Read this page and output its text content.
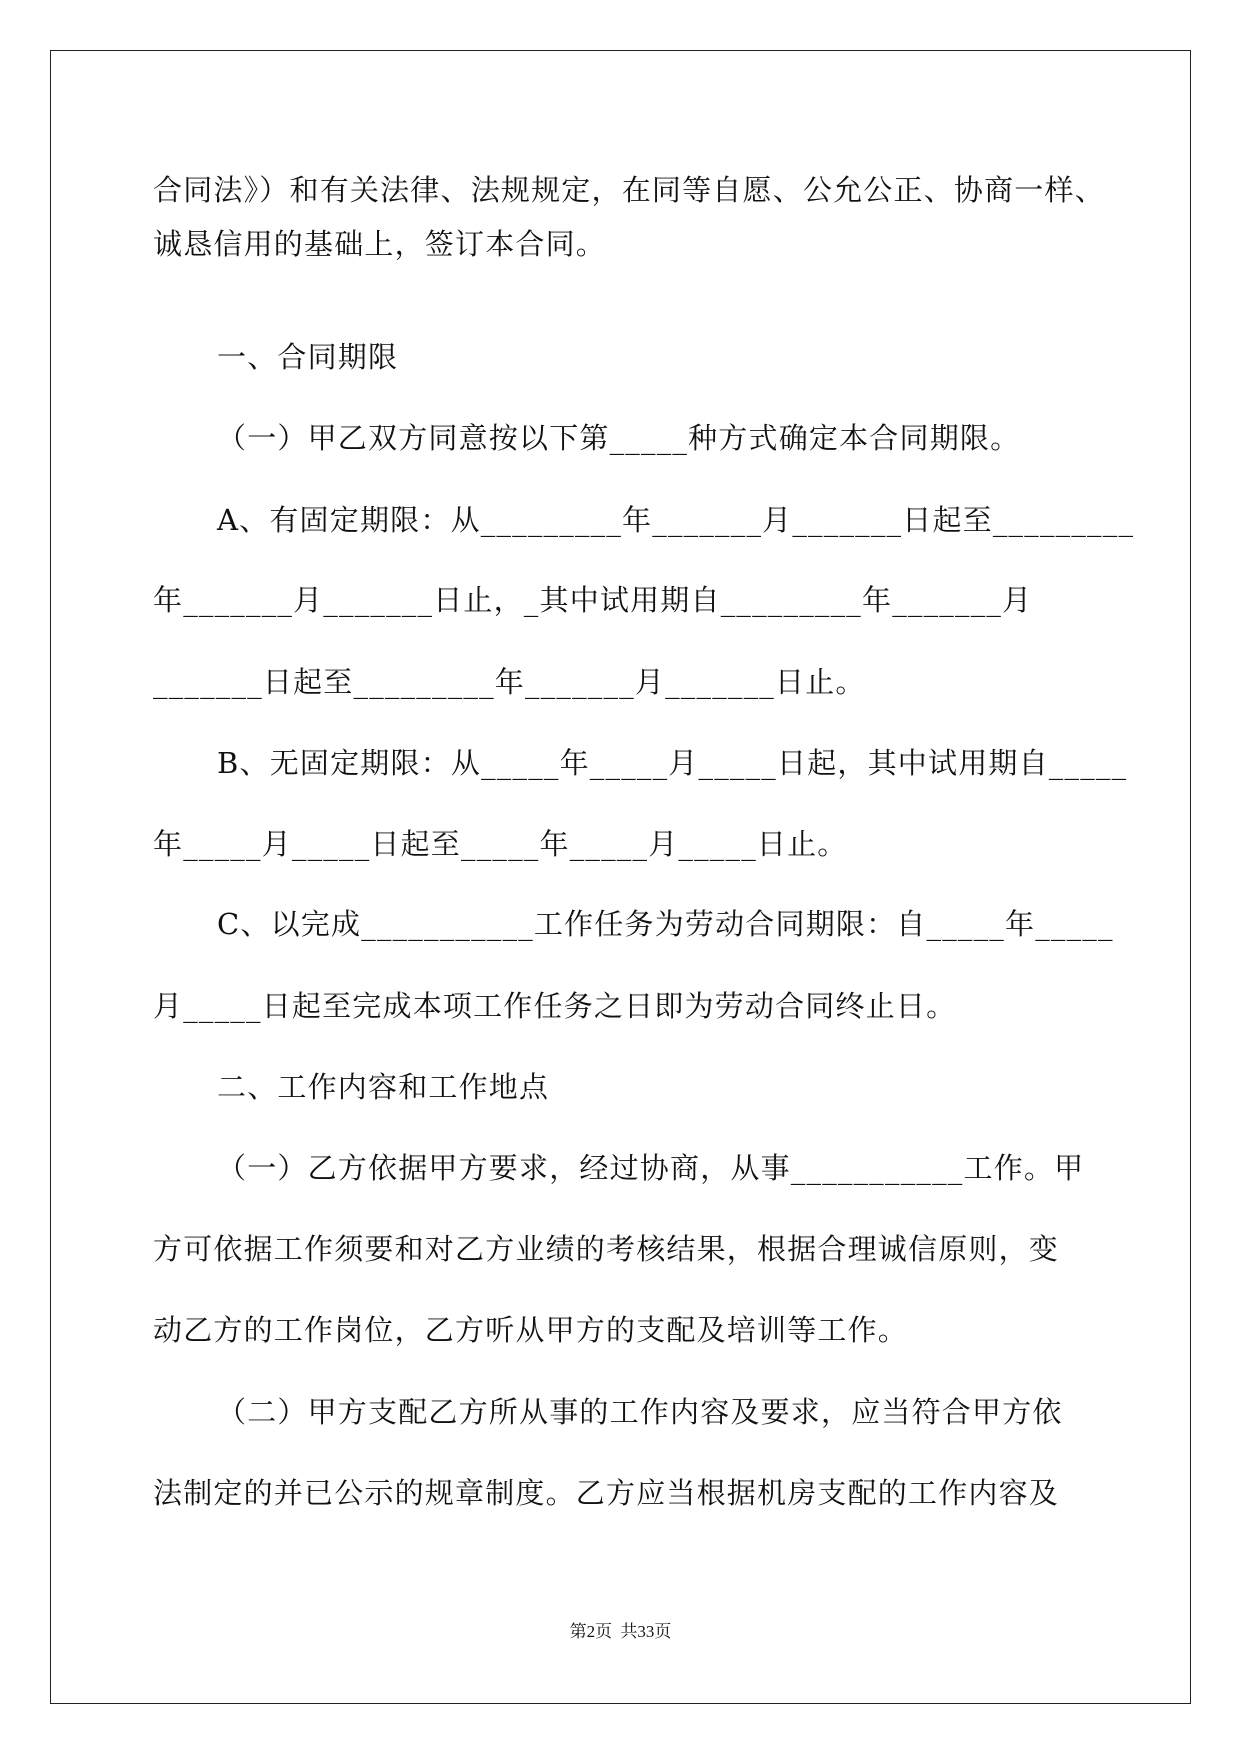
合同法》）和有关法律、法规规定，在同等自愿、公允公正、协商一样、
诚恳信用的基础上，签订本合同。
一、合同期限
（一）甲乙双方同意按以下第_____种方式确定本合同期限。
A、有固定期限：从_________年_______月_______日起至_________
年_______月_______日止，_其中试用期自_________年_______月
_______日起至_________年_______月_______日止。
B、无固定期限：从_____年_____月_____日起，其中试用期自_____
年_____月_____日起至_____年_____月_____日止。
C、以完成___________工作任务为劳动合同期限：自_____年_____
月_____日起至完成本项工作任务之日即为劳动合同终止日。
二、工作内容和工作地点
（一）乙方依据甲方要求，经过协商，从事___________工作。甲
方可依据工作须要和对乙方业绩的考核结果，根据合理诚信原则，变
动乙方的工作岗位，乙方听从甲方的支配及培训等工作。
（二）甲方支配乙方所从事的工作内容及要求，应当符合甲方依
法制定的并已公示的规章制度。乙方应当根据机房支配的工作内容及
第2页 共33页
